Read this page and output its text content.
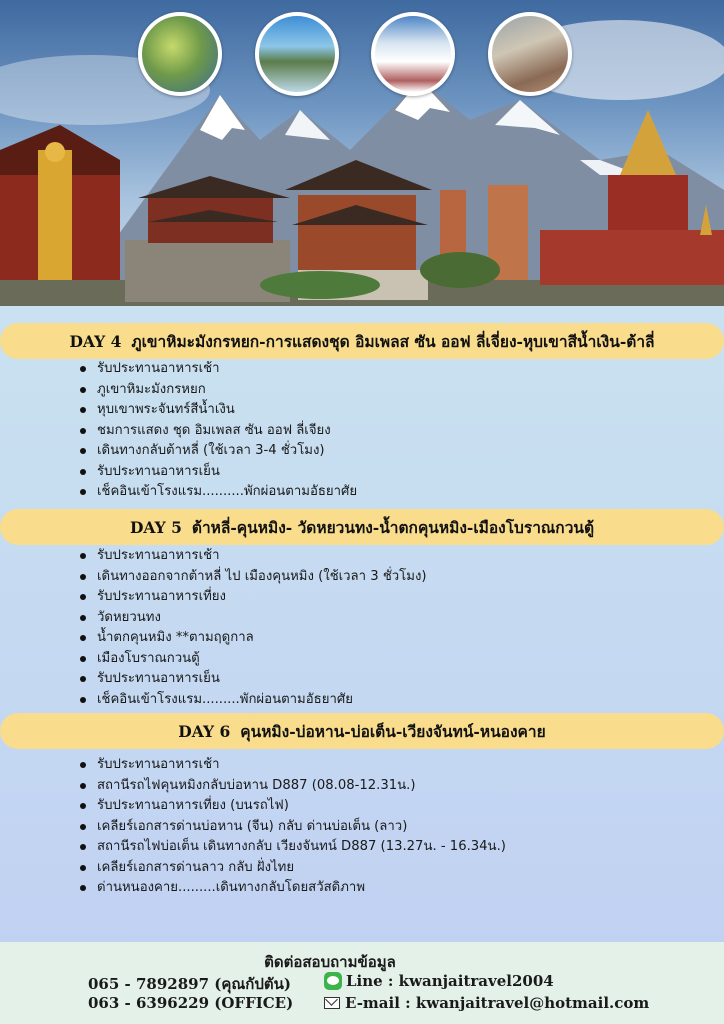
DAY 4 ภูเขาหิมะมังกรหยก-การแสดงชุด อิมเพลส ซัน ออฟ ลี่เจี่ยง-หุบเขาสีน้ำเงิน-ต้าลี่
รับประทานอาหารเช้า
ภูเขาหิมะมังกรหยก
หุบเขาพระจันทร์สีน้ำเงิน
ชมการแสดง ชุด อิมเพลส ซัน ออฟ ลี่เจียง
เดินทางกลับต้าหลี่ (ใช้เวลา 3-4 ชั่วโมง)
รับประทานอาหารเย็น
เช็คอินเข้าโรงแรม..........พักผ่อนตามอัธยาศัย
DAY 5 ต้าหลี่-คุนหมิง- วัดหยวนทง-น้ำตกคุนหมิง-เมืองโบราณกวนตู้
รับประทานอาหารเช้า
เดินทางออกจากต้าหลี่ ไป เมืองคุนหมิง (ใช้เวลา 3 ชั่วโมง)
รับประทานอาหารเที่ยง
วัดหยวนทง
น้ำตกคุนหมิง **ตามฤดูกาล
เมืองโบราณกวนตู้
รับประทานอาหารเย็น
เช็คอินเข้าโรงแรม.........พักผ่อนตามอัธยาศัย
DAY 6 คุนหมิง-บ่อหาน-บ่อเต็น-เวียงจันทน์-หนองคาย
รับประทานอาหารเช้า
สถานีรถไฟคุนหมิงกลับบ่อหาน D887 (08.08-12.31น.)
รับประทานอาหารเที่ยง (บนรถไฟ)
เคลียร์เอกสารด่านบ่อหาน (จีน) กลับ ด่านบ่อเต็น (ลาว)
สถานีรถไฟบ่อเต็น เดินทางกลับ เวียงจันทน์ D887 (13.27น. - 16.34น.)
เคลียร์เอกสารด่านลาว กลับ ฝั่งไทย
ด่านหนองคาย.........เดินทางกลับโดยสวัสดิภาพ
ติดต่อสอบถามข้อมูล
065 - 7892897 (คุณกัปตัน)
063 - 6396229 (OFFICE)
Line : kwanjaitravel2004
E-mail : kwanjaitravel@hotmail.com
